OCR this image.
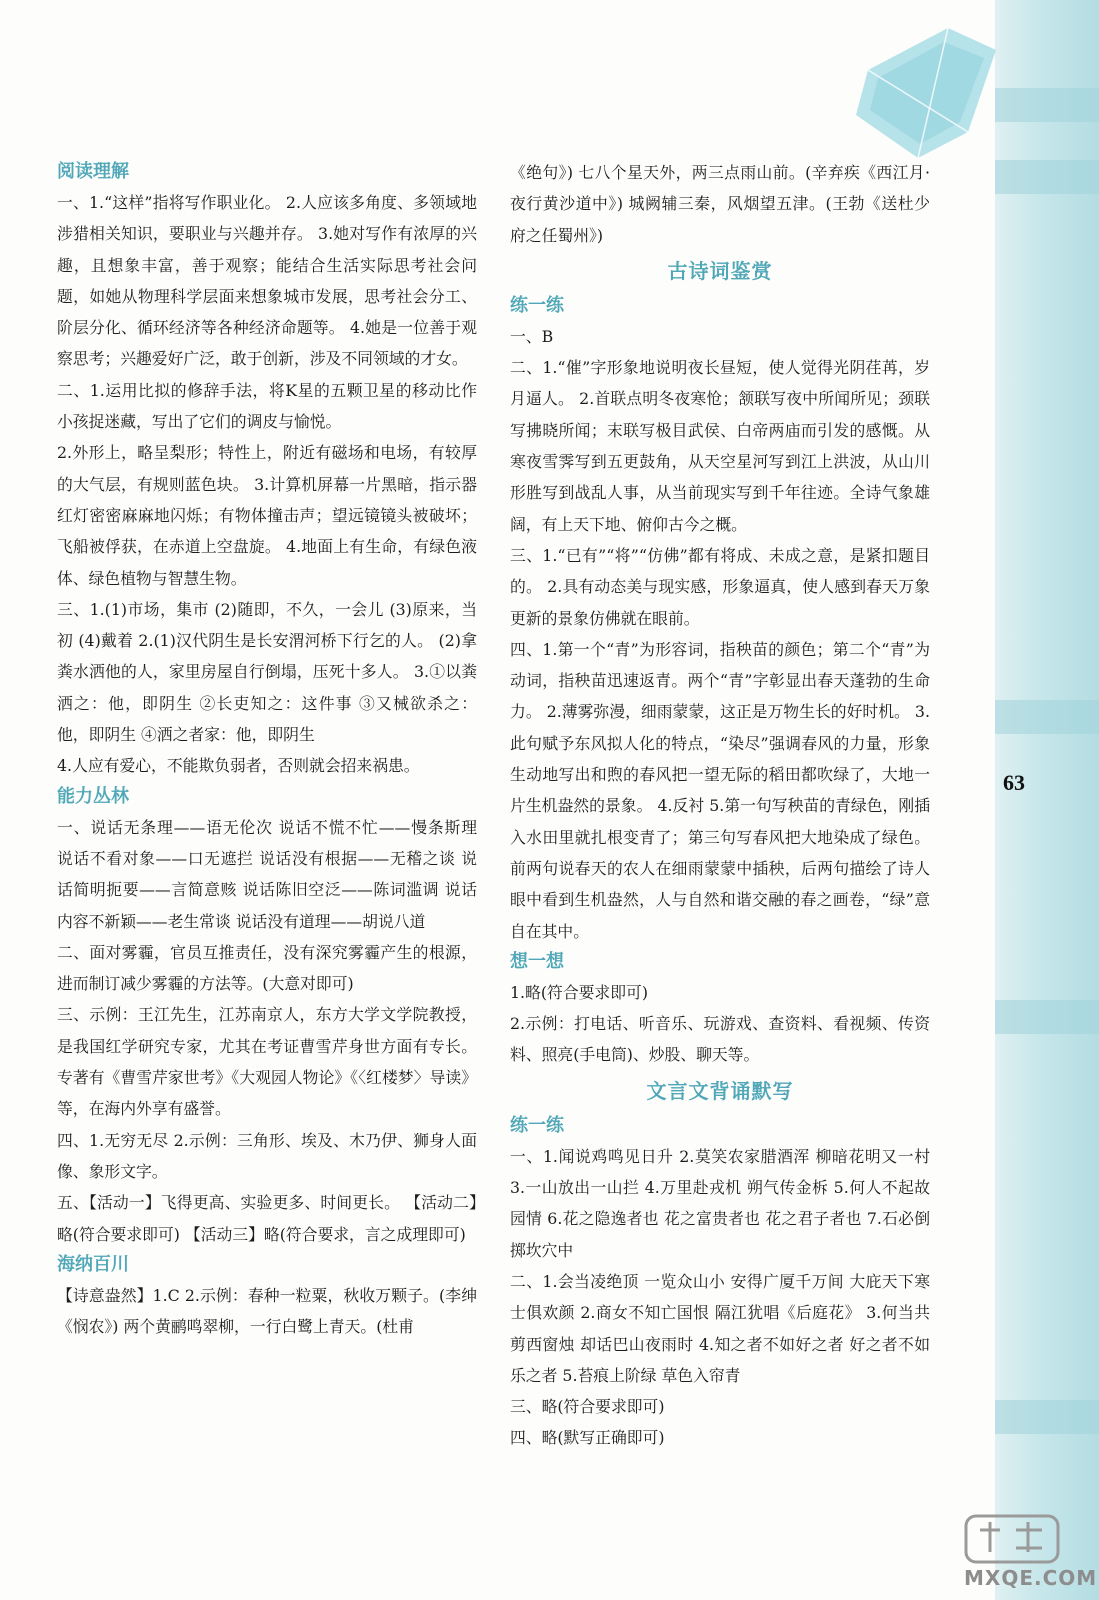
63
阅读理解
一、1.“这样”指将写作职业化。 2.人应该多角度、多领域地涉猎相关知识，要职业与兴趣并存。 3.她对写作有浓厚的兴趣，且想象丰富，善于观察；能结合生活实际思考社会问题，如她从物理科学层面来想象城市发展，思考社会分工、阶层分化、循环经济等各种经济命题等。 4.她是一位善于观察思考；兴趣爱好广泛，敢于创新，涉及不同领域的才女。
二、1.运用比拟的修辞手法，将K星的五颗卫星的移动比作小孩捉迷藏，写出了它们的调皮与愉悦。
2.外形上，略呈梨形；特性上，附近有磁场和电场，有较厚的大气层，有规则蓝色块。 3.计算机屏幕一片黑暗，指示器红灯密密麻麻地闪烁；有物体撞击声；望远镜镜头被破坏；飞船被俘获，在赤道上空盘旋。 4.地面上有生命，有绿色液体、绿色植物与智慧生物。
三、1.(1)市场，集市 (2)随即，不久，一会儿 (3)原来，当初 (4)戴着 2.(1)汉代阴生是长安渭河桥下行乞的人。 (2)拿粪水洒他的人，家里房屋自行倒塌，压死十多人。 3.①以粪洒之：他，即阴生 ②长吏知之：这件事 ③又械欲杀之：他，即阴生 ④洒之者家：他，即阴生
4.人应有爱心，不能欺负弱者，否则就会招来祸患。
能力丛林
一、说话无条理——语无伦次 说话不慌不忙——慢条斯理 说话不看对象——口无遮拦 说话没有根据——无稽之谈 说话简明扼要——言简意赅 说话陈旧空泛——陈词滥调 说话内容不新颖——老生常谈 说话没有道理——胡说八道
二、面对雾霾，官员互推责任，没有深究雾霾产生的根源，进而制订减少雾霾的方法等。(大意对即可)
三、示例：王江先生，江苏南京人，东方大学文学院教授，是我国红学研究专家，尤其在考证曹雪芹身世方面有专长。专著有《曹雪芹家世考》《大观园人物论》《〈红楼梦〉导读》等，在海内外享有盛誉。
四、1.无穷无尽 2.示例：三角形、埃及、木乃伊、狮身人面像、象形文字。
五、【活动一】飞得更高、实验更多、时间更长。 【活动二】略(符合要求即可) 【活动三】略(符合要求，言之成理即可)
海纳百川
【诗意盎然】1.C 2.示例：春种一粒粟，秋收万颗子。(李绅《悯农》) 两个黄鹂鸣翠柳，一行白鹭上青天。(杜甫
《绝句》) 七八个星天外，两三点雨山前。(辛弃疾《西江月·夜行黄沙道中》) 城阙辅三秦，风烟望五津。(王勃《送杜少府之任蜀州》)
古诗词鉴赏
练一练
一、B
二、1.“催”字形象地说明夜长昼短，使人觉得光阴荏苒，岁月逼人。 2.首联点明冬夜寒怆；颔联写夜中所闻所见；颈联写拂晓所闻；末联写极目武侯、白帝两庙而引发的感慨。从寒夜雪霁写到五更鼓角，从天空星河写到江上洪波，从山川形胜写到战乱人事，从当前现实写到千年往迹。全诗气象雄阔，有上天下地、俯仰古今之概。
三、1.“已有”“将”“仿佛”都有将成、未成之意，是紧扣题目的。 2.具有动态美与现实感，形象逼真，使人感到春天万象更新的景象仿佛就在眼前。
四、1.第一个“青”为形容词，指秧苗的颜色；第二个“青”为动词，指秧苗迅速返青。两个“青”字彰显出春天蓬勃的生命力。 2.薄雾弥漫，细雨蒙蒙，这正是万物生长的好时机。 3.此句赋予东风拟人化的特点，“染尽”强调春风的力量，形象生动地写出和煦的春风把一望无际的稻田都吹绿了，大地一片生机盎然的景象。 4.反衬 5.第一句写秧苗的青绿色，刚插入水田里就扎根变青了；第三句写春风把大地染成了绿色。前两句说春天的农人在细雨蒙蒙中插秧，后两句描绘了诗人眼中看到生机盎然，人与自然和谐交融的春之画卷，“绿”意自在其中。
想一想
1.略(符合要求即可)
2.示例：打电话、听音乐、玩游戏、查资料、看视频、传资料、照亮(手电筒)、炒股、聊天等。
文言文背诵默写
练一练
一、1.闻说鸡鸣见日升 2.莫笑农家腊酒浑 柳暗花明又一村 3.一山放出一山拦 4.万里赴戎机 朔气传金柝 5.何人不起故园情 6.花之隐逸者也 花之富贵者也 花之君子者也 7.石必倒掷坎穴中
二、1.会当凌绝顶 一览众山小 安得广厦千万间 大庇天下寒士俱欢颜 2.商女不知亡国恨 隔江犹唱《后庭花》 3.何当共剪西窗烛 却话巴山夜雨时 4.知之者不如好之者 好之者不如乐之者 5.苔痕上阶绿 草色入帘青
三、略(符合要求即可)
四、略(默写正确即可)
MXQE.COM
